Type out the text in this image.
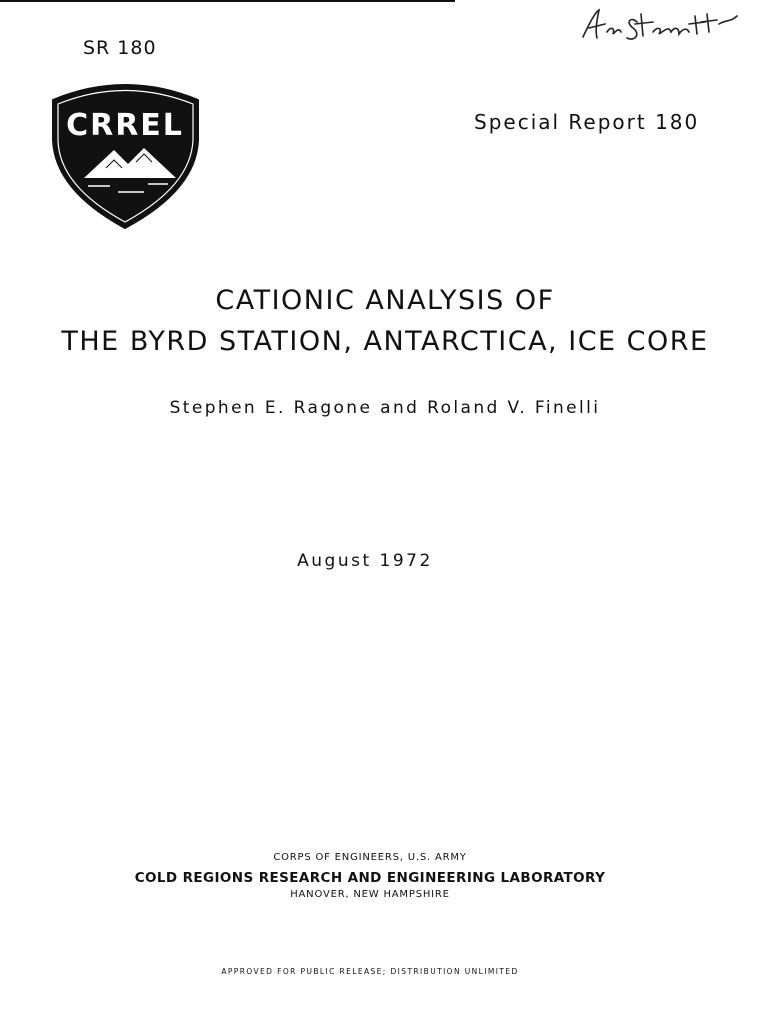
SR 180
CRREL	Special Report 180
CATIONIC ANALYSIS OF
THE BYRD STATION, ANTARCTICA, ICE CORE
Stephen E. Ragone and Roland V. Finelli
August 1972
CORPS OF ENGINEERS, U.S. ARMY
COLD REGIONS RESEARCH AND ENGINEERING LABORATORY
HANOVER, NEW HAMPSHIRE
APPROVED FOR PUBLIC RELEASE; DISTRIBUTION UNLIMITED
